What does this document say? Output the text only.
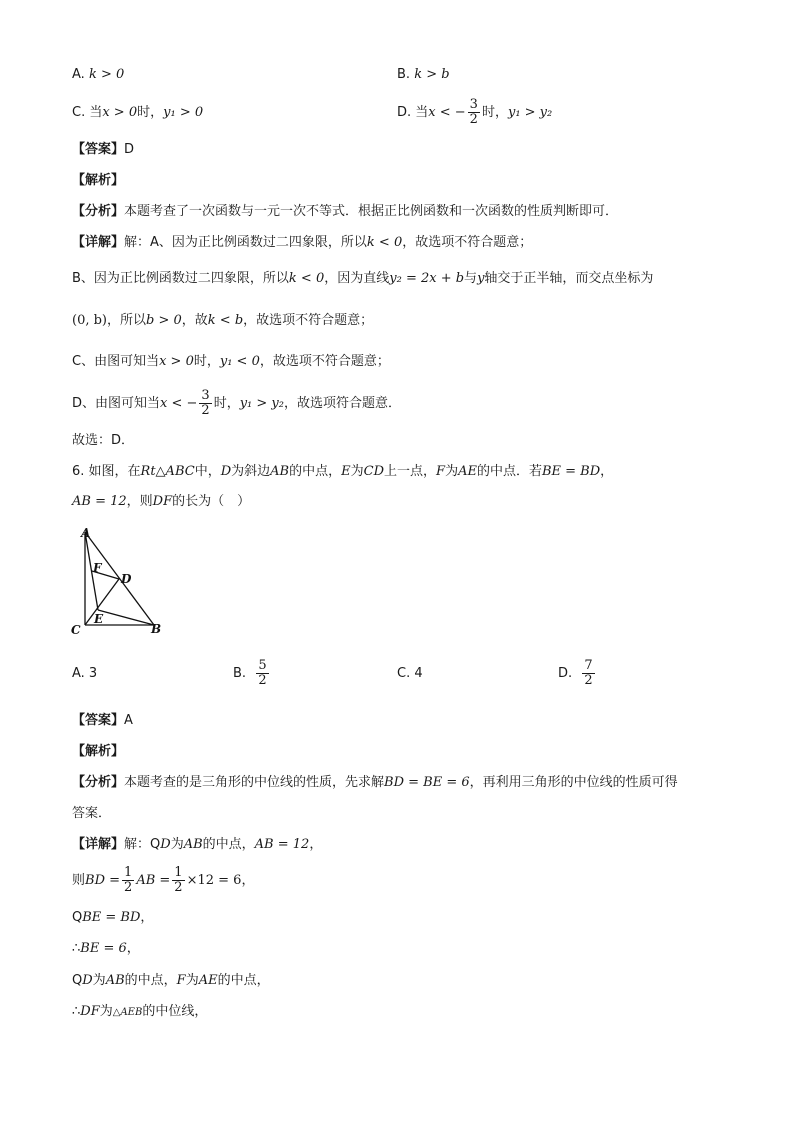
A. k > 0	B. k > b
C. 当x > 0时，y₁ > 0	D. 当x < − $\frac{3}{2}$ 时，y₁ > y₂
【答案】D
【解析】
【分析】本题考查了一次函数与一元一次不等式．根据正比例函数和一次函数的性质判断即可．
【详解】解：A、因为正比例函数过二四象限，所以k < 0，故选项不符合题意；
B、因为正比例函数过二四象限，所以k < 0，因为直线y₂ = 2x + b与y轴交于正半轴，而交点坐标为
(0, b)，所以b > 0，故k < b，故选项不符合题意；
C、由图可知当x > 0时，y₁ < 0，故选项不符合题意；
D、由图可知当x < − $\frac{3}{2}$ 时，y₁ > y₂，故选项符合题意．
故选：D．
6. 如图，在Rt△ABC中，D为斜边AB的中点，E为CD上一点，F为AE的中点．若BE = BD，
AB = 12，则DF的长为（　）
A
F
D
E
C	B
A. 3	B. $\frac{5}{2}$	C. 4	D. $\frac{7}{2}$
【答案】A
【解析】
【分析】本题考查的是三角形的中位线的性质，先求解BD = BE = 6，再利用三角形的中位线的性质可得
答案．
【详解】解：QD为AB的中点，AB = 12，
则BD = $\frac{1}{2}$ AB = $\frac{1}{2} \times 12 = 6$，
QBE = BD，
∴BE = 6，
QD为AB的中点，F为AE的中点，
∴DF为△AEB的中位线，
